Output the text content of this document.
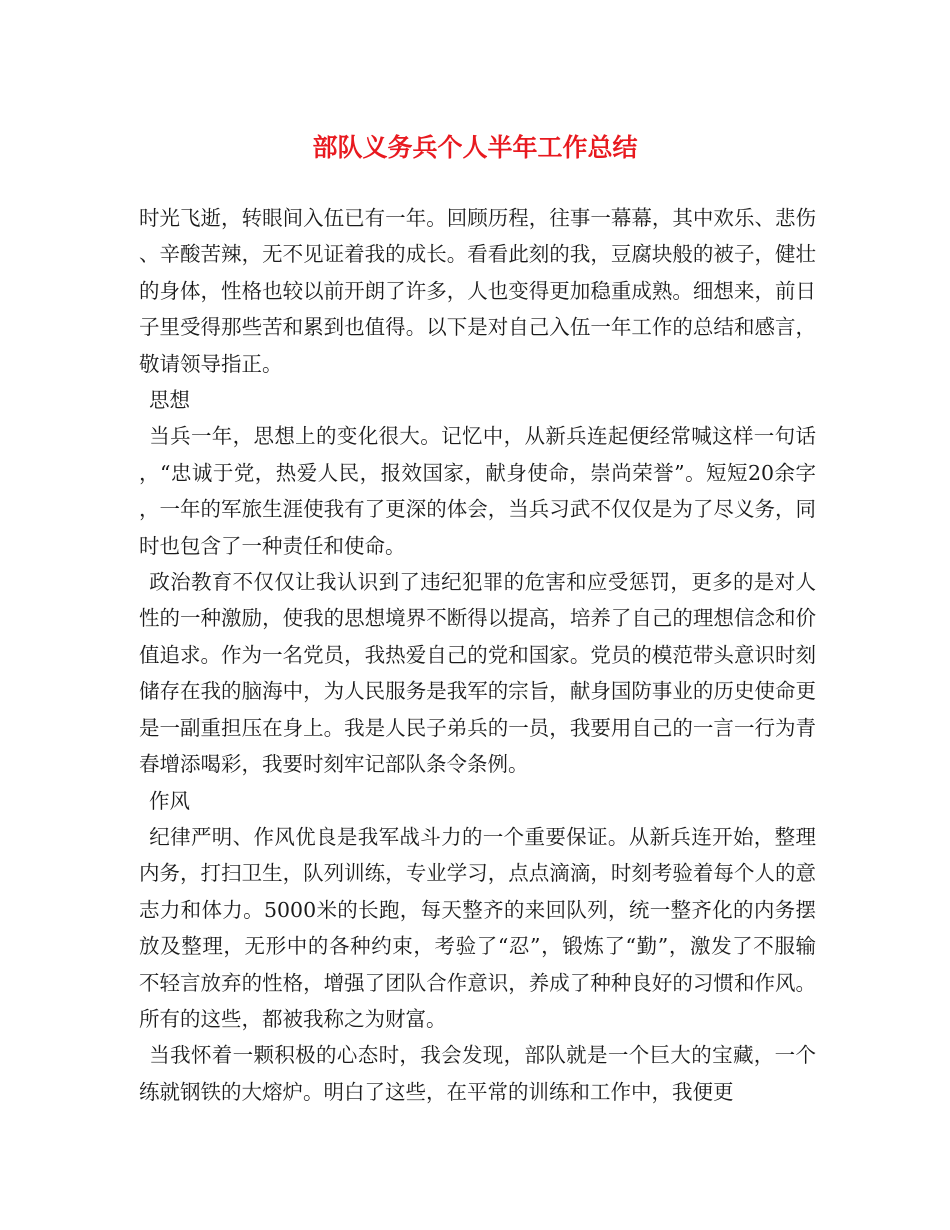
部队义务兵个人半年工作总结

时光飞逝，转眼间入伍已有一年。回顾历程，往事一幕幕，其中欢乐、悲伤、辛酸苦辣，无不见证着我的成长。看看此刻的我，豆腐块般的被子，健壮的身体，性格也较以前开朗了许多，人也变得更加稳重成熟。细想来，前日子里受得那些苦和累到也值得。以下是对自己入伍一年工作的总结和感言，敬请领导指正。

思想

当兵一年，思想上的变化很大。记忆中，从新兵连起便经常喊这样一句话，“忠诚于党，热爱人民，报效国家，献身使命，崇尚荣誉”。短短20余字，一年的军旅生涯使我有了更深的体会，当兵习武不仅仅是为了尽义务，同时也包含了一种责任和使命。

政治教育不仅仅让我认识到了违纪犯罪的危害和应受惩罚，更多的是对人性的一种激励，使我的思想境界不断得以提高，培养了自己的理想信念和价值追求。作为一名党员，我热爱自己的党和国家。党员的模范带头意识时刻储存在我的脑海中，为人民服务是我军的宗旨，献身国防事业的历史使命更是一副重担压在身上。我是人民子弟兵的一员，我要用自己的一言一行为青春增添喝彩，我要时刻牢记部队条令条例。

作风

纪律严明、作风优良是我军战斗力的一个重要保证。从新兵连开始，整理内务，打扫卫生，队列训练，专业学习，点点滴滴，时刻考验着每个人的意志力和体力。5000米的长跑，每天整齐的来回队列，统一整齐化的内务摆放及整理，无形中的各种约束，考验了“忍”，锻炼了“勤”，激发了不服输不轻言放弃的性格，增强了团队合作意识，养成了种种良好的习惯和作风。所有的这些，都被我称之为财富。

当我怀着一颗积极的心态时，我会发现，部队就是一个巨大的宝藏，一个练就钢铁的大熔炉。明白了这些，在平常的训练和工作中，我便更
